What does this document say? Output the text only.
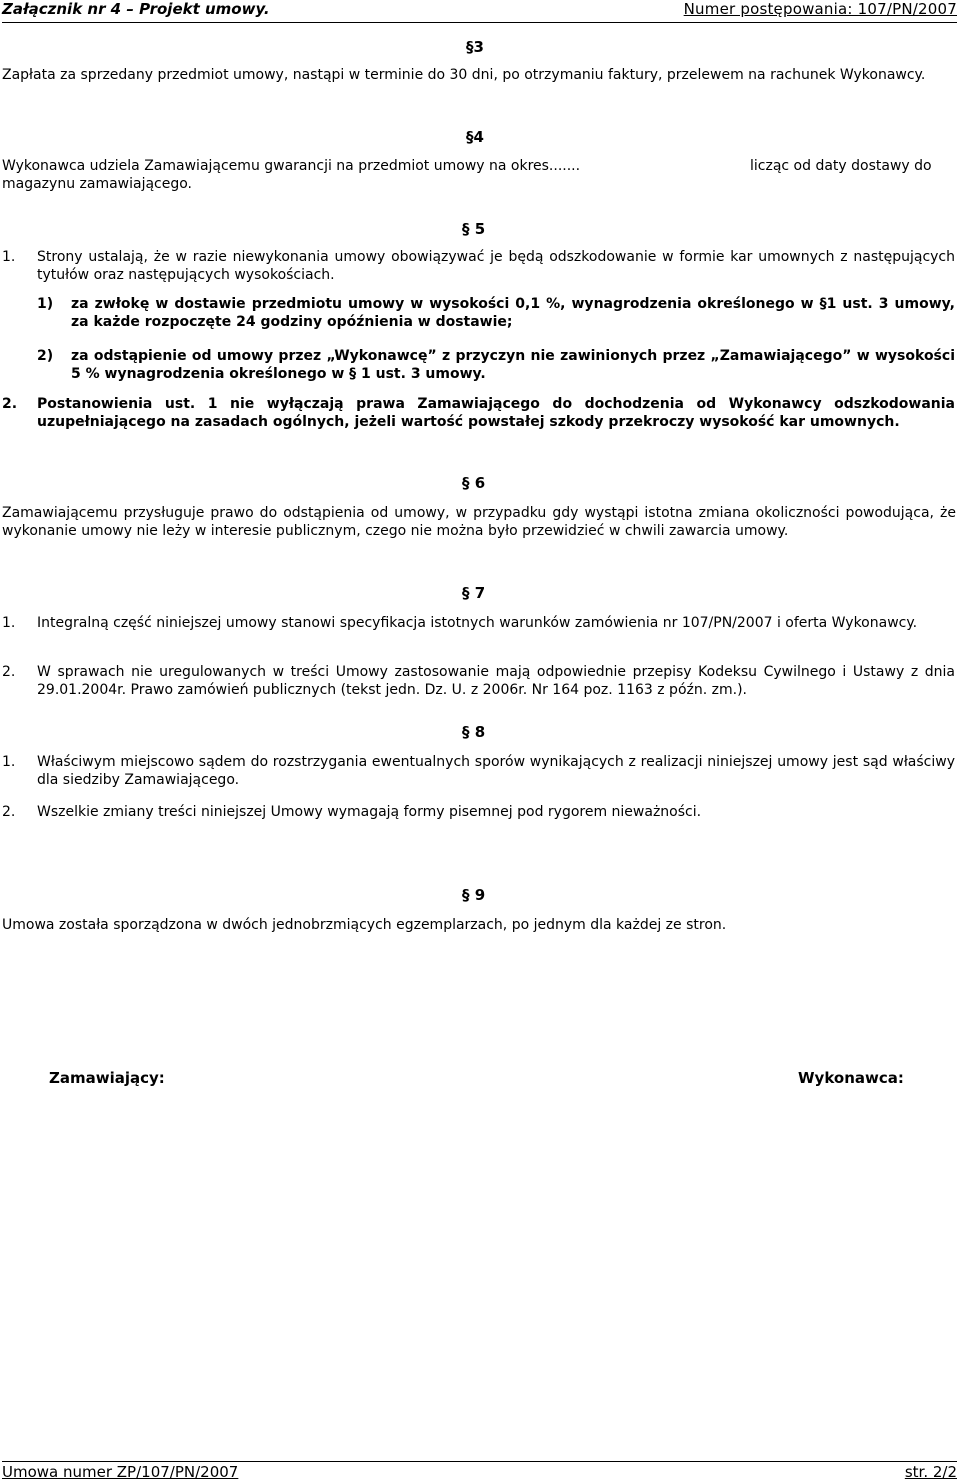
Załącznik nr 4 – Projekt umowy.	Numer postępowania: 107/PN/2007
§3
Zapłata za sprzedany przedmiot umowy, nastąpi w terminie do 30 dni, po otrzymaniu faktury, przelewem na rachunek Wykonawcy.
§4
Wykonawca udziela Zamawiającemu gwarancji na przedmiot umowy na okres.......	licząc od daty dostawy do
magazynu zamawiającego.
§ 5
1. Strony ustalają, że w razie niewykonania umowy obowiązywać je będą odszkodowanie w formie kar umownych z następujących tytułów oraz następujących wysokościach.
1) za zwłokę w dostawie przedmiotu umowy w wysokości 0,1 %, wynagrodzenia określonego w §1 ust. 3 umowy, za każde rozpoczęte 24 godziny opóźnienia w dostawie;
2) za odstąpienie od umowy przez „Wykonawcę” z przyczyn nie zawinionych przez „Zamawiającego” w wysokości 5 % wynagrodzenia określonego w § 1 ust. 3 umowy.
2. Postanowienia ust. 1 nie wyłączają prawa Zamawiającego do dochodzenia od Wykonawcy odszkodowania uzupełniającego na zasadach ogólnych, jeżeli wartość powstałej szkody przekroczy wysokość kar umownych.
§ 6
Zamawiającemu przysługuje prawo do odstąpienia od umowy, w przypadku gdy wystąpi istotna zmiana okoliczności powodująca, że wykonanie umowy nie leży w interesie publicznym, czego nie można było przewidzieć w chwili zawarcia umowy.
§ 7
1. Integralną część niniejszej umowy stanowi specyfikacja istotnych warunków zamówienia nr 107/PN/2007 i oferta Wykonawcy.
2. W sprawach nie uregulowanych w treści Umowy zastosowanie mają odpowiednie przepisy Kodeksu Cywilnego i Ustawy z dnia 29.01.2004r. Prawo zamówień publicznych (tekst jedn. Dz. U. z 2006r. Nr 164 poz. 1163 z późn. zm.).
§ 8
1. Właściwym miejscowo sądem do rozstrzygania ewentualnych sporów wynikających z realizacji niniejszej umowy jest sąd właściwy dla siedziby Zamawiającego.
2. Wszelkie zmiany treści niniejszej Umowy wymagają formy pisemnej pod rygorem nieważności.
§ 9
Umowa została sporządzona w dwóch jednobrzmiących egzemplarzach, po jednym dla każdej ze stron.
Zamawiający:	Wykonawca:
Umowa numer ZP/107/PN/2007	str. 2/2
